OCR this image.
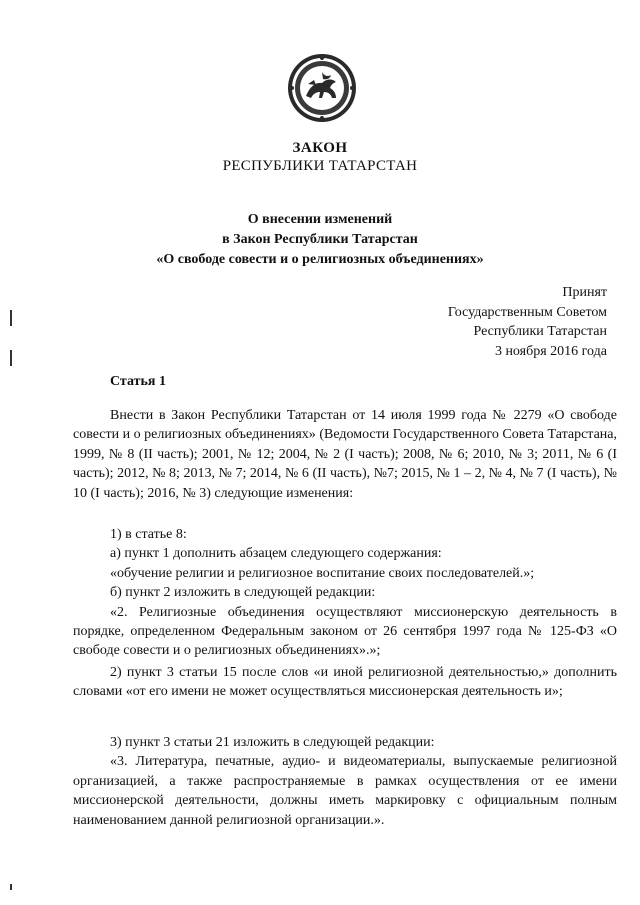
ЗАКОН
РЕСПУБЛИКИ ТАТАРСТАН
О внесении изменений
в Закон Республики Татарстан
«О свободе совести и о религиозных объединениях»
Принят
Государственным Советом
Республики Татарстан
3 ноября 2016 года
Статья 1

Внести в Закон Республики Татарстан от 14 июля 1999 года № 2279 «О свободе совести и о религиозных объединениях» (Ведомости Государственного Совета Татарстана, 1999, № 8 (II часть); 2001, № 12; 2004, № 2 (I часть); 2008, № 6; 2010, № 3; 2011, № 6 (I часть); 2012, № 8; 2013, № 7; 2014, № 6 (II часть), №7; 2015, № 1 – 2, № 4, № 7 (I часть), № 10 (I часть); 2016, № 3) следующие изменения:

1) в статье 8:
а) пункт 1 дополнить абзацем следующего содержания:
«обучение религии и религиозное воспитание своих последователей.»;
б) пункт 2 изложить в следующей редакции:
«2. Религиозные объединения осуществляют миссионерскую деятельность в порядке, определенном Федеральным законом от 26 сентября 1997 года № 125-ФЗ «О свободе совести и о религиозных объединениях».»;

2) пункт 3 статьи 15 после слов «и иной религиозной деятельностью,» дополнить словами «от его имени не может осуществляться миссионерская деятельность и»;

3) пункт 3 статьи 21 изложить в следующей редакции:
«3. Литература, печатные, аудио- и видеоматериалы, выпускаемые религиозной организацией, а также распространяемые в рамках осуществления от ее имени миссионерской деятельности, должны иметь маркировку с официальным полным наименованием данной религиозной организации.».
